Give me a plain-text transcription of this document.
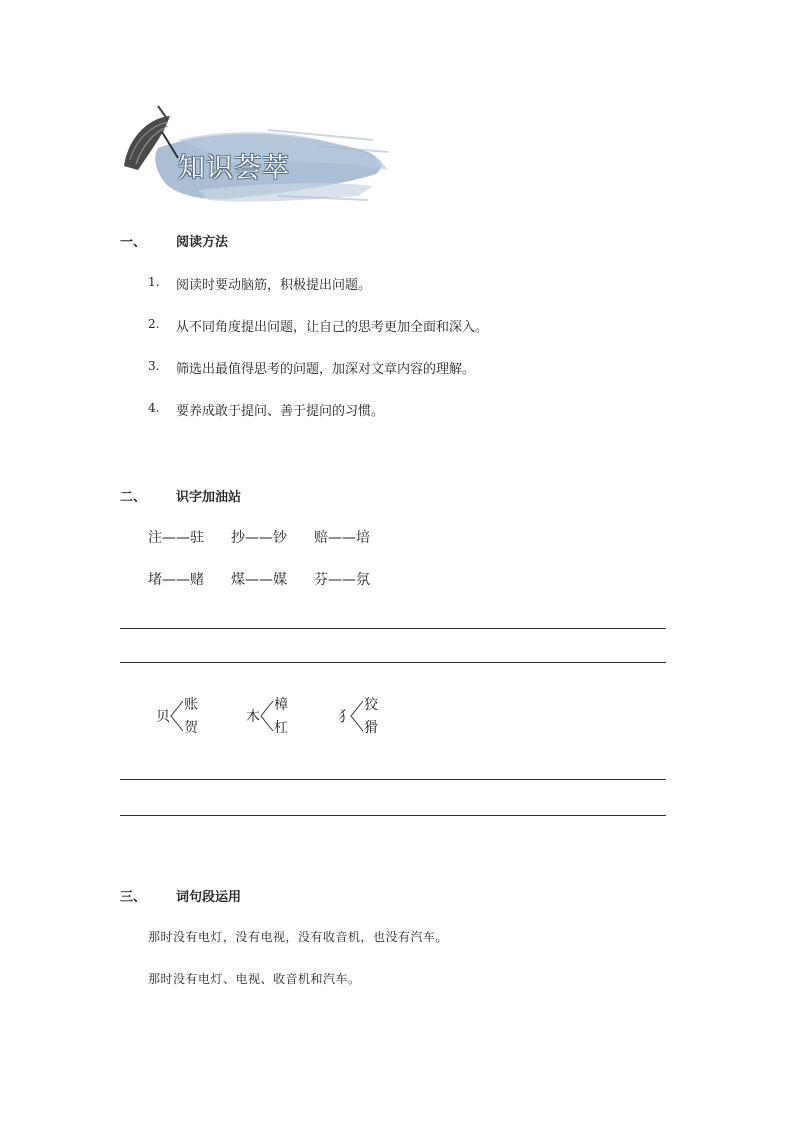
知识荟萃
一、 阅读方法
1. 阅读时要动脑筋，积极提出问题。
2. 从不同角度提出问题，让自己的思考更加全面和深入。
3. 筛选出最值得思考的问题，加深对文章内容的理解。
4. 要养成敢于提问、善于提问的习惯。
二、 识字加油站
注——驻 抄——钞 赔——培
堵——赌 煤——媒 芬——氛
贝
账
贺
木
樟
杠
犭
狡
猾
三、 词句段运用
那时没有电灯，没有电视，没有收音机，也没有汽车。
那时没有电灯、电视、收音机和汽车。
